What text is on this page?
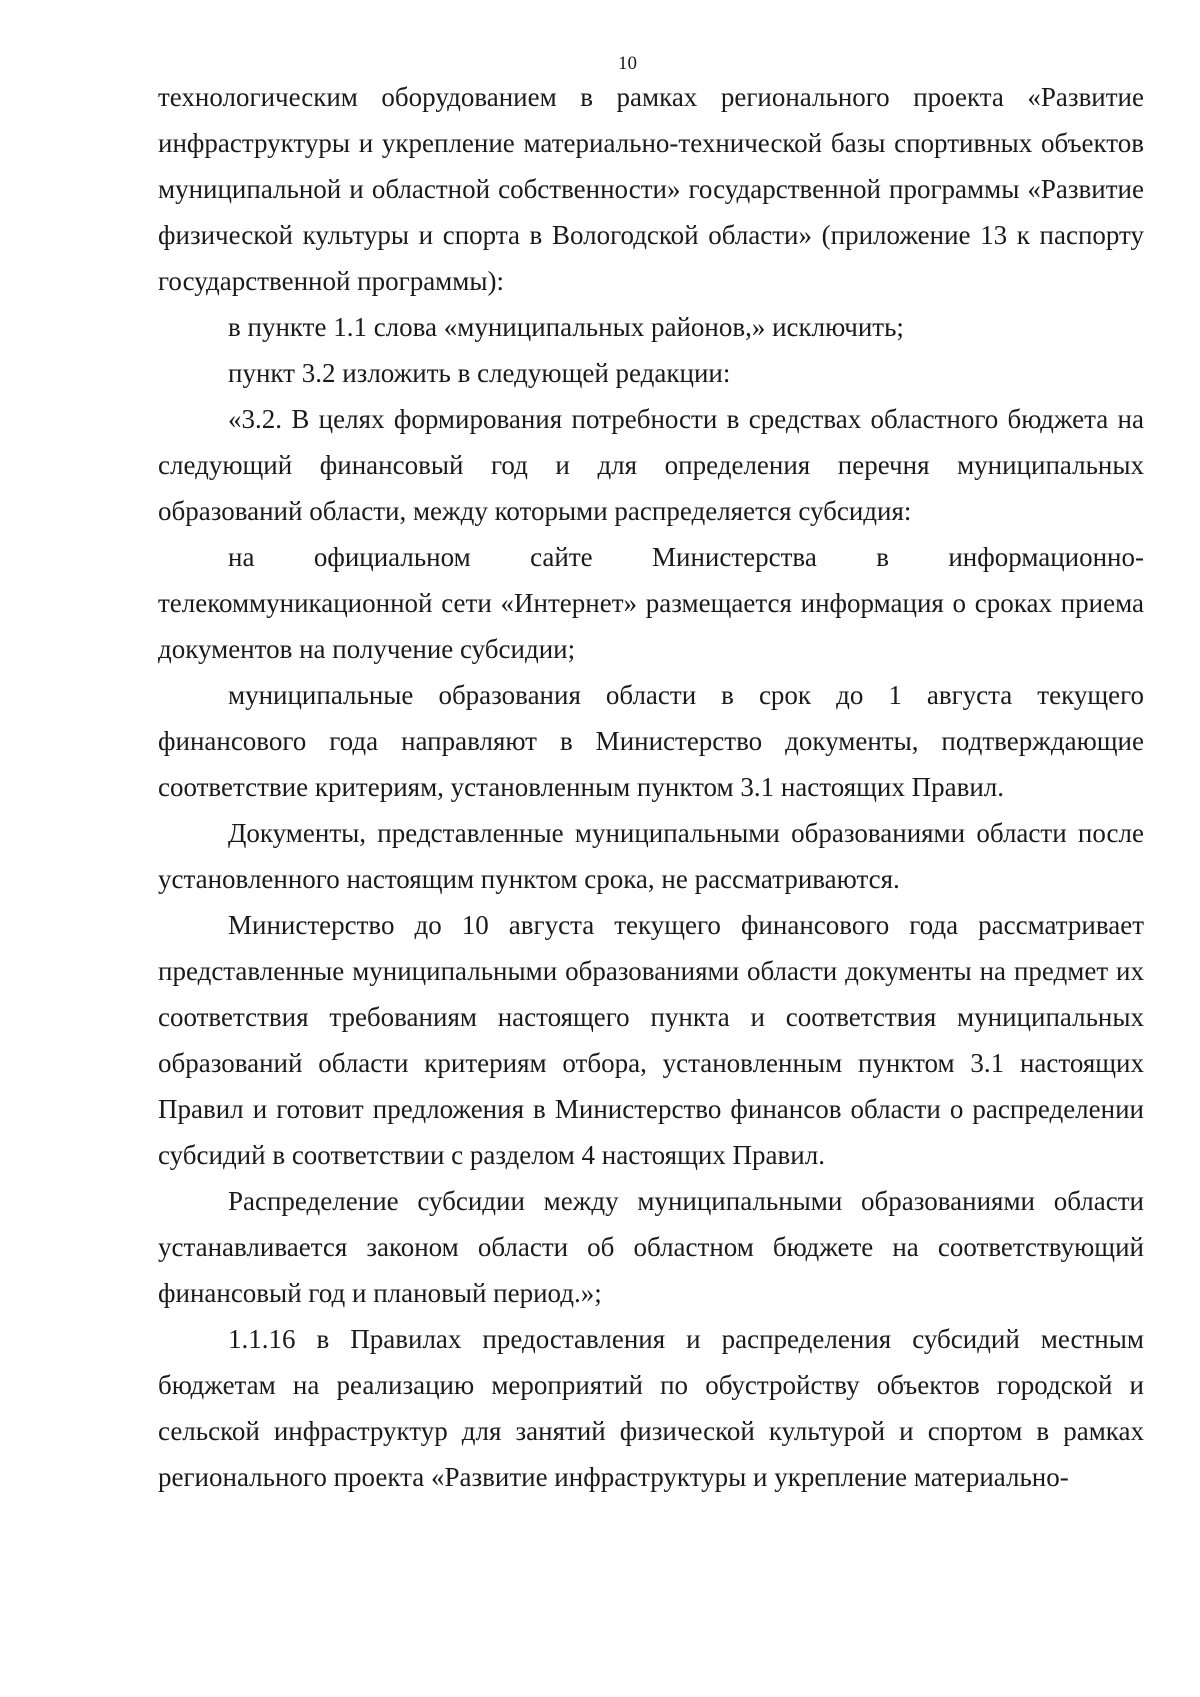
10

технологическим оборудованием в рамках регионального проекта «Развитие инфраструктуры и укрепление материально-технической базы спортивных объектов муниципальной и областной собственности» государственной программы «Развитие физической культуры и спорта в Вологодской области» (приложение 13 к паспорту государственной программы):

в пункте 1.1 слова «муниципальных районов,» исключить;

пункт 3.2 изложить в следующей редакции:

«3.2. В целях формирования потребности в средствах областного бюджета на следующий финансовый год и для определения перечня муниципальных образований области, между которыми распределяется субсидия:

на официальном сайте Министерства в информационно-телекоммуникационной сети «Интернет» размещается информация о сроках приема документов на получение субсидии;

муниципальные образования области в срок до 1 августа текущего финансового года направляют в Министерство документы, подтверждающие соответствие критериям, установленным пунктом 3.1 настоящих Правил.

Документы, представленные муниципальными образованиями области после установленного настоящим пунктом срока, не рассматриваются.

Министерство до 10 августа текущего финансового года рассматривает представленные муниципальными образованиями области документы на предмет их соответствия требованиям настоящего пункта и соответствия муниципальных образований области критериям отбора, установленным пунктом 3.1 настоящих Правил и готовит предложения в Министерство финансов области о распределении субсидий в соответствии с разделом 4 настоящих Правил.

Распределение субсидии между муниципальными образованиями области устанавливается законом области об областном бюджете на соответствующий финансовый год и плановый период.»;

1.1.16 в Правилах предоставления и распределения субсидий местным бюджетам на реализацию мероприятий по обустройству объектов городской и сельской инфраструктур для занятий физической культурой и спортом в рамках регионального проекта «Развитие инфраструктуры и укрепление материально-
